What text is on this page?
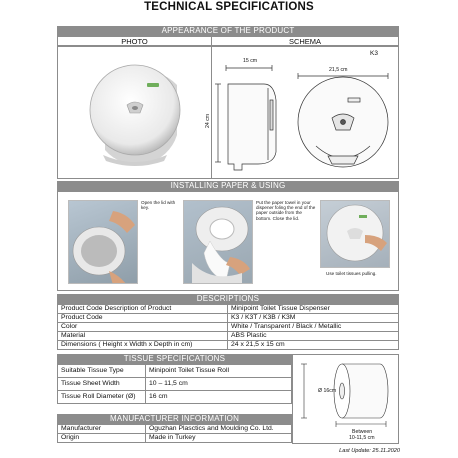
TECHNICAL SPECIFICATIONS
APPEARANCE OF THE PRODUCT
PHOTO	SCHEMA
K3
15 cm
21,5 cm
24 cm
INSTALLING PAPER & USING
Open the lid with key.
Put the paper towel in your dispener foling the end of the paper outside from the bottom. Close the lid.
Use toilet tissues pulling.
DESCRIPTIONS
Product Code Description of Product	Minipoint Toilet Tissue Dispenser
Product Code	K3 / K3T / K3B / K3M
Color	White / Transparent / Black / Metallic
Material	ABS Plastic
Dimensions ( Height x Width x Depth in cm)	24 x 21,5 x 15 cm
TISSUE SPECIFICATIONS
Suitable Tissue Type	Minipoint Toilet Tissue Roll
Tissue Sheet Width	10 – 11,5 cm
Tissue Roll Diameter (Ø)	16 cm
Ø 16cm
Between
10-11,5 cm
MANUFACTURER INFORMATION
Manufacturer	Oguzhan Plasctics and Moulding Co. Ltd.
Origin	Made in Turkey
Last Update: 25.11.2020
